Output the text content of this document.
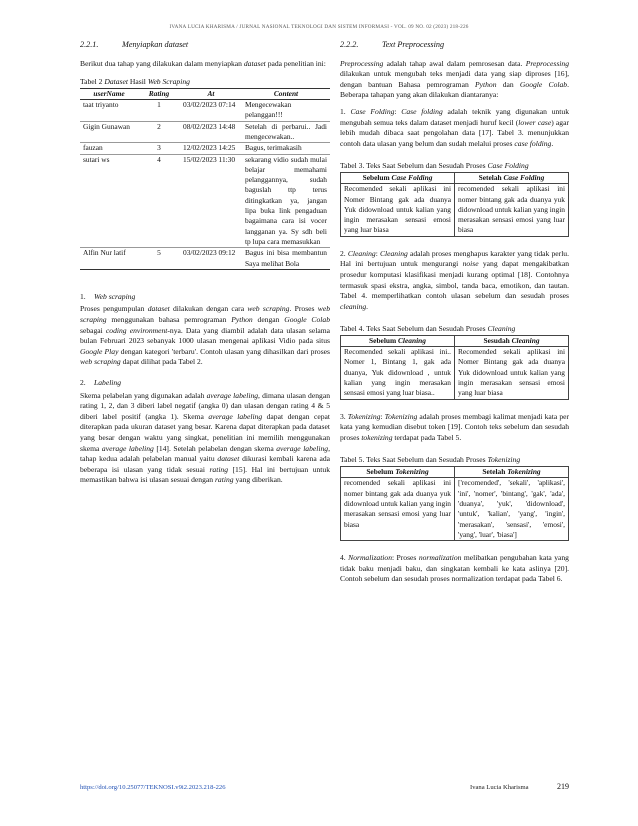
IVANA LUCIA KHARISMA / JURNAL NASIONAL TEKNOLOGI DAN SISTEM INFORMASI - VOL. 09 NO. 02 (2023) 218-226
2.2.1.	Menyiapkan dataset

Berikut dua tahap yang dilakukan dalam menyiapkan dataset pada penelitian ini:

Tabel 2 Dataset Hasil Web Scraping
userName	Rating	At	Content
taat triyanto	1	03/02/2023 07:14	Mengecewakan pelanggan!!!
Gigin Gunawan	2	08/02/2023 14:48	Setelah di perbarui.. Jadi mengecewakan..
fauzan	3	12/02/2023 14:25	Bagus, terimakasih
sutari ws	4	15/02/2023 11:30	sekarang vidio sudah mulai belajar memahami pelanggannya, sudah baguslah ttp terus ditingkatkan ya, jangan lipa buka link pengaduan bagaimana cara isi vocer langganan ya. Sy sdh beli tp lupa cara memasukkan
Alfin Nur latif	5	03/02/2023 09:12	Bagus ini bisa membantun Saya melihat Bola
1. Web scraping

Proses pengumpulan dataset dilakukan dengan cara web scraping. Proses web scraping menggunakan bahasa pemrograman Python dengan Google Colab sebagai coding environment-nya. Data yang diambil adalah data ulasan selama bulan Februari 2023 sebanyak 1000 ulasan mengenai aplikasi Vidio pada situs Google Play dengan kategori 'terbaru'. Contoh ulasan yang dihasilkan dari proses web scraping dapat dilihat pada Tabel 2.

2. Labeling

Skema pelabelan yang digunakan adalah average labeling, dimana ulasan dengan rating 1, 2, dan 3 diberi label negatif (angka 0) dan ulasan dengan rating 4 & 5 diberi label positif (angka 1). Skema average labeling dapat dengan cepat diterapkan pada ukuran dataset yang besar. Karena dapat diterapkan pada dataset yang besar dengan waktu yang singkat, penelitian ini memilih menggunakan skema average labeling [14]. Setelah pelabelan dengan skema average labeling, tahap kedua adalah pelabelan manual yaitu dataset dikurasi kembali karena ada beberapa isi ulasan yang tidak sesuai rating [15]. Hal ini bertujuan untuk memastikan bahwa isi ulasan sesuai dengan rating yang diberikan.

2.2.2.	Text Preprocessing

Preprocessing adalah tahap awal dalam pemrosesan data. Preprocessing dilakukan untuk mengubah teks menjadi data yang siap diproses [16], dengan bantuan Bahasa pemrograman Python dan Google Colab. Beberapa tahapan yang akan dilakukan diantaranya:

1. Case Folding: Case folding adalah teknik yang digunakan untuk mengubah semua teks dalam dataset menjadi huruf kecil (lower case) agar lebih mudah dibaca saat pengolahan data [17]. Tabel 3. menunjukkan contoh data ulasan yang belum dan sudah melalui proses case folding.

Tabel 3. Teks Saat Sebelum dan Sesudah Proses Case Folding
Sebelum Case Folding	Setelah Case Folding
Recomended sekali aplikasi ini Nomer Bintang gak ada duanya Yuk didownload untuk kalian yang ingin merasakan sensasi emosi yang luar biasa	recomended sekali aplikasi ini nomer bintang gak ada duanya yuk didownload untuk kalian yang ingin merasakan sensasi emosi yang luar biasa

2. Cleaning: Cleaning adalah proses menghapus karakter yang tidak perlu. Hal ini bertujuan untuk mengurangi noise yang dapat mengakibatkan prosedur komputasi klasifikasi menjadi kurang optimal [18]. Contohnya termasuk spasi ekstra, angka, simbol, tanda baca, emotikon, dan tautan. Tabel 4. memperlihatkan contoh ulasan sebelum dan sesudah proses cleaning.

Tabel 4. Teks Saat Sebelum dan Sesudah Proses Cleaning
Sebelum Cleaning	Sesudah Cleaning
Recomended sekali aplikasi ini.. Nomer 1, Bintang 1, gak ada duanya, Yuk didownload , untuk kalian yang ingin merasakan sensasi emosi yang luar biasa..	Recomended sekali aplikasi ini Nomer Bintang gak ada duanya Yuk didownload untuk kalian yang ingin merasakan sensasi emosi yang luar biasa

3. Tokenizing: Tokenizing adalah proses membagi kalimat menjadi kata per kata yang kemudian disebut token [19]. Contoh teks sebelum dan sesudah proses tokenizing terdapat pada Tabel 5.

Tabel 5. Teks Saat Sebelum dan Sesudah Proses Tokenizing
Sebelum Tokenizing	Setelah Tokenizing
recomended sekali aplikasi ini nomer bintang gak ada duanya yuk didownload untuk kalian yang ingin merasakan sensasi emosi yang luar biasa	['recomended', 'sekali', 'aplikasi', 'ini', 'nomer', 'bintang', 'gak', 'ada', 'duanya', 'yuk', 'didownload', 'untuk', 'kalian', 'yang', 'ingin', 'merasakan', 'sensasi', 'emosi', 'yang', 'luar', 'biasa']

4. Normalization: Proses normalization melibatkan pengubahan kata yang tidak baku menjadi baku, dan singkatan kembali ke kata aslinya [20]. Contoh sebelum dan sesudah proses normalization terdapat pada Tabel 6.

https://doi.org/10.25077/TEKNOSI.v9i2.2023.218-226	Ivana Lucia Kharisma	219
